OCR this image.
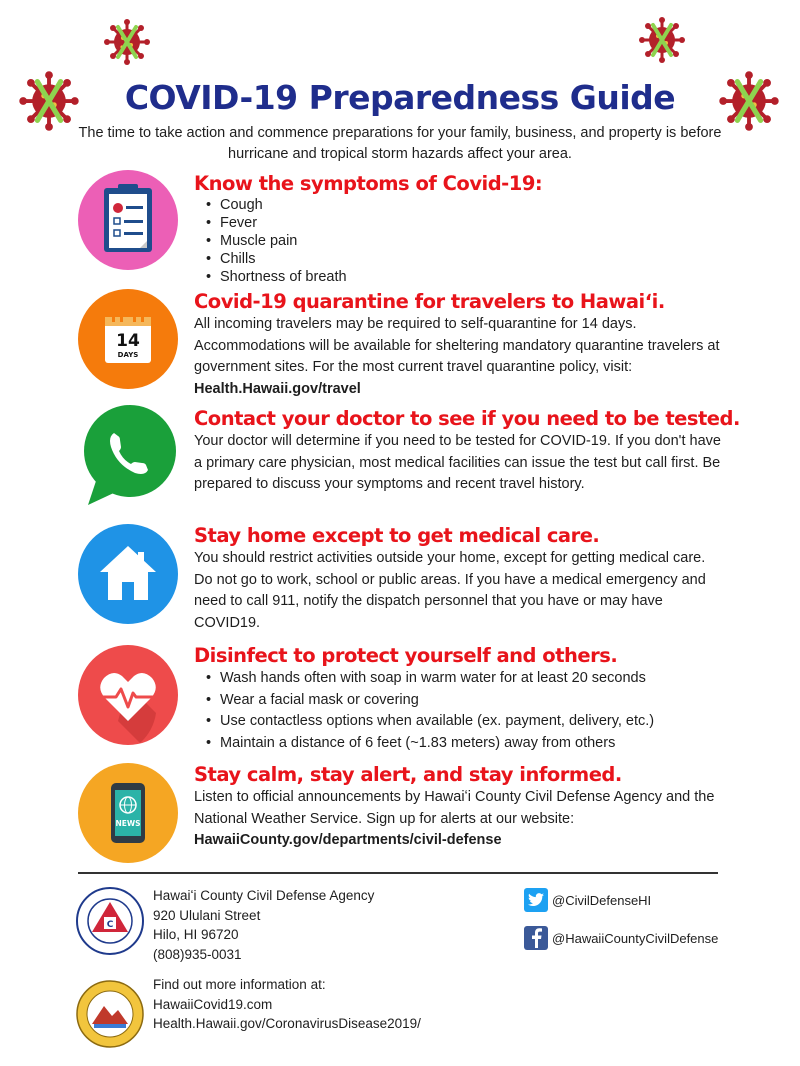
COVID-19 Preparedness Guide
The time to take action and commence preparations for your family, business, and property is before hurricane and tropical storm hazards affect your area.

Know the symptoms of Covid-19:

• Cough
• Fever
• Muscle pain
• Chills
• Shortness of breath
14
DAYS

Covid-19 quarantine for travelers to Hawaiʻi.

All incoming travelers may be required to self-quarantine for 14 days. Accommodations will be available for sheltering mandatory quarantine travelers at government sites. For the most current travel quarantine policy, visit: Health.Hawaii.gov/travel

Contact your doctor to see if you need to be tested.

Your doctor will determine if you need to be tested for COVID-19. If you don't have a primary care physician, most medical facilities can issue the test but call first. Be prepared to discuss your symptoms and recent travel history.

Stay home except to get medical care.

You should restrict activities outside your home, except for getting medical care. Do not go to work, school or public areas. If you have a medical emergency and need to call 911, notify the dispatch personnel that you have or may have COVID19.

Disinfect to protect yourself and others.

• Wash hands often with soap in warm water for at least 20 seconds
• Wear a facial mask or covering
• Use contactless options when available (ex. payment, delivery, etc.)
• Maintain a distance of 6 feet (~1.83 meters) away from others
NEWS

Stay calm, stay alert, and stay informed.

Listen to official announcements by Hawaiʻi County Civil Defense Agency and the National Weather Service. Sign up for alerts at our website:
HawaiiCounty.gov/departments/civil-defense

C
Hawaiʻi County Civil Defense Agency
920 Ululani Street
Hilo, HI 96720
(808)935-0031
@CivilDefenseHI
@HawaiiCountyCivilDefense
Find out more information at:
HawaiiCovid19.com
Health.Hawaii.gov/CoronavirusDisease2019/
